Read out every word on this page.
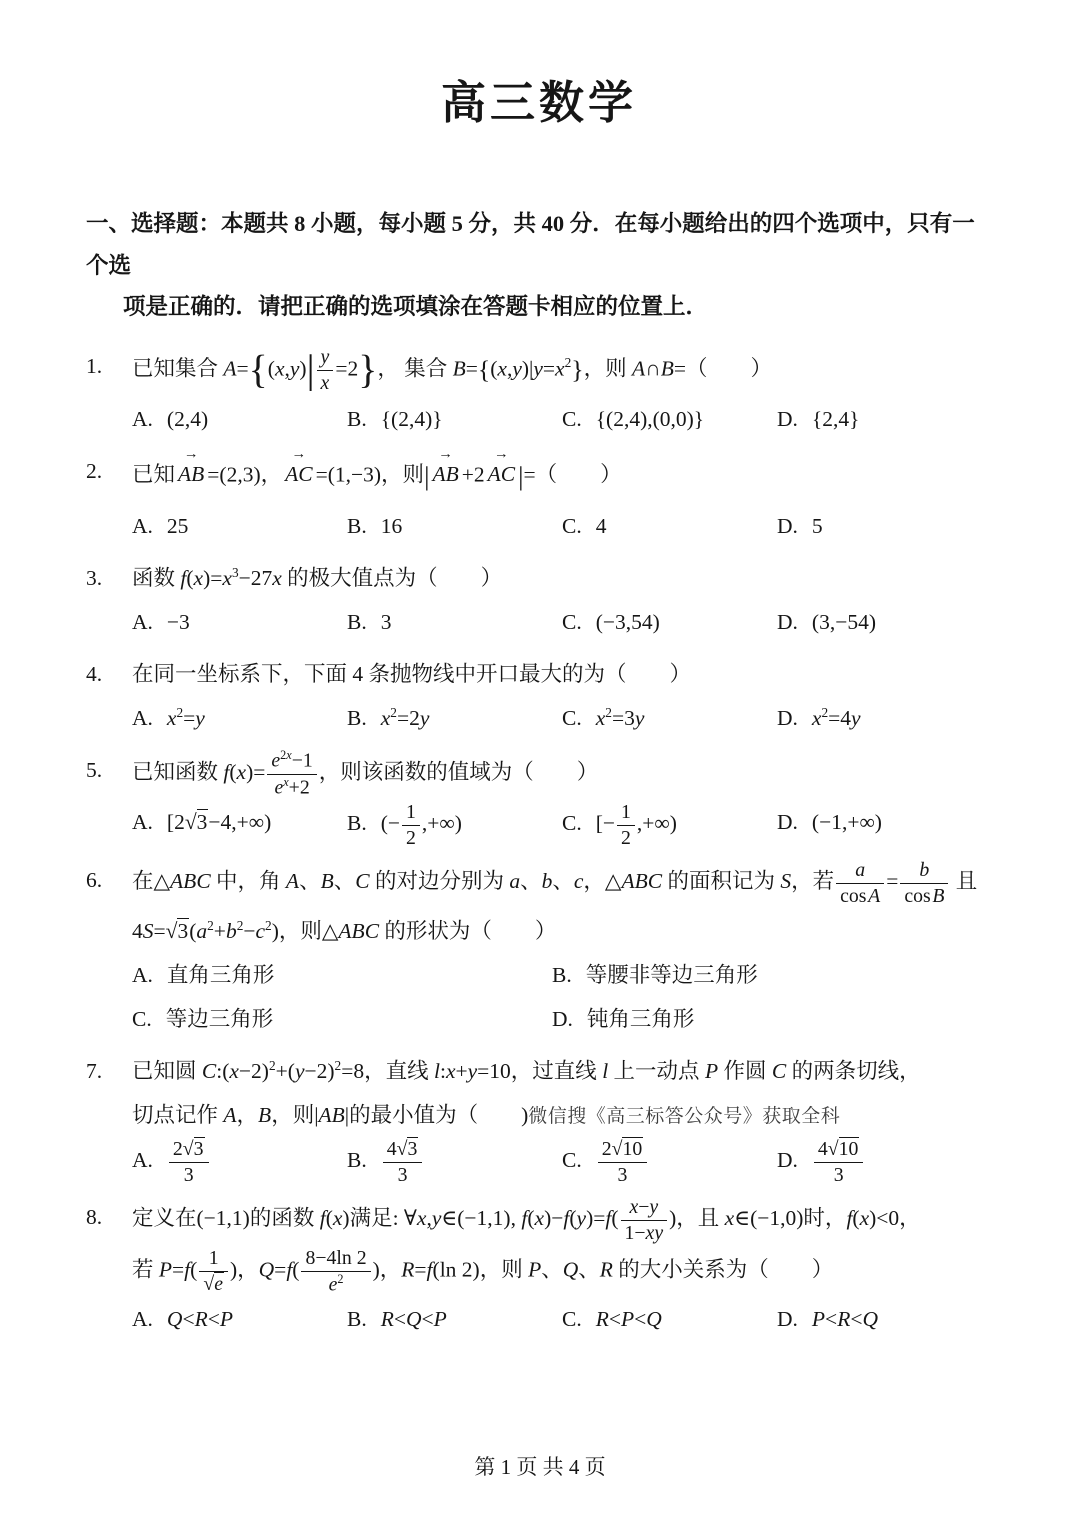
高三数学
一、选择题：本题共 8 小题，每小题 5 分，共 40 分．在每小题给出的四个选项中，只有一个选
项是正确的．请把正确的选项填涂在答题卡相应的位置上．
1.	已知集合 $A=\{(x,y)| \frac{y}{x} =2\}$， 集合 $B=\{(x,y)|y=x^2\}$，则 A∩B=（  ）
A. (2,4)	B. {(2,4)}	C. {(2,4),(0,0)}	D. {2,4}
2.	已知 AB → =(2,3)， AC → =(1,−3)，则| AB → +2 AC → |=（  ）
A. 25	B. 16	C. 4	D. 5
3.	函数 $f(x)=x^3-27x$ 的极大值点为（  ）
A. −3	B. 3	C. (−3,54)	D. (3,−54)
4.	在同一坐标系下，下面 4 条抛物线中开口最大的为（  ）
A. $x^2=y$	B. $x^2=2y$	C. $x^2=3y$	D. $x^2=4y$
5.	已知函数 $f(x)= \frac{e^{2x}-1}{e^x+2}$ ，则该函数的值域为（  ）
A. [2√3−4,+∞)	B. (− $\frac{1}{2}$ ,+∞)	C. [− $\frac{1}{2}$ ,+∞)	D. (−1,+∞)
6.	在△ABC 中，角 A、B、C 的对边分别为 a、b、c，△ABC 的面积记为 S，若 $\frac{a}{\text{cos A}} = \frac{b}{\text{cos B}}$ 且
$4S=√3(a^2+b^2-c^2)$，则△ABC 的形状为（  ）
A. 直角三角形	B. 等腰非等边三角形
C. 等边三角形	D. 钝角三角形
7.	已知圆 $C:(x-2)^2+(y-2)^2=8$，直线 l:x+y=10，过直线 l 上一动点 P 作圆 C 的两条切线，
切点记作 A，B，则|AB|的最小值为（  )微信搜《高三标答公众号》获取全科
A. $\frac{2√3}{3}$	B. $\frac{4√3}{3}$	C. $\frac{2√10}{3}$	D. $\frac{4√10}{3}$
8.	定义在(−1,1)的函数 f(x)满足: ∀x,y∈(−1,1), $f(x)-f(y)=f( \frac{x-y}{1-xy}$ )，且 x∈(−1,0)时，f(x)<0，
若 $P=f( \frac{1}{√e}$ )，$Q=f( \frac{8-4\ln 2}{e^2}$ )，R=f(ln 2)，则 P、Q、R 的大小关系为（  ）
A. Q<R<P	B. R<Q<P	C. R<P<Q	D. P<R<Q
第 1 页 共 4 页
